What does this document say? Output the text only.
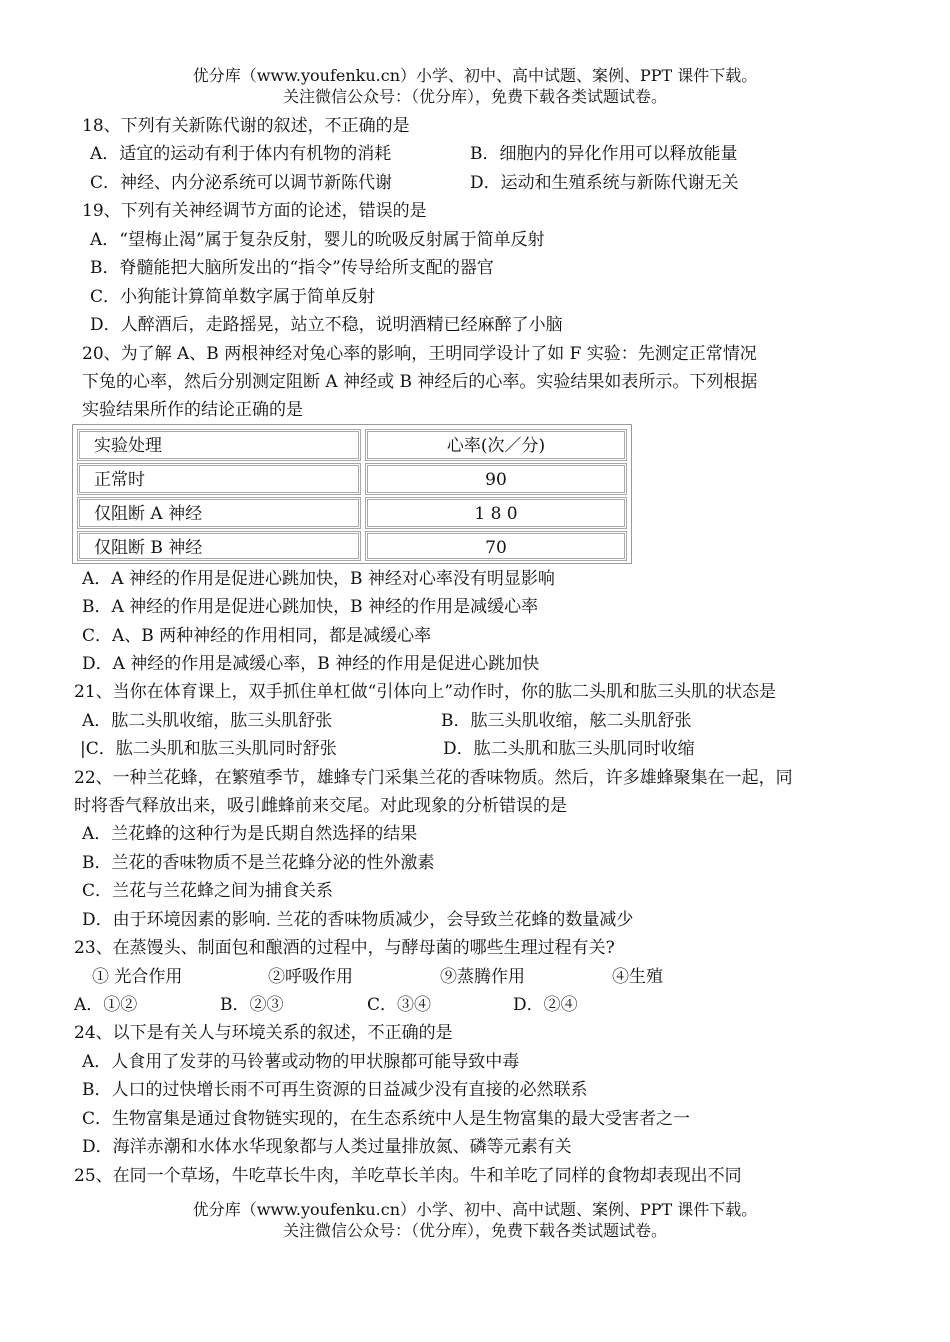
优分库（www.youfenku.cn）小学、初中、高中试题、案例、PPT 课件下载。
关注微信公众号：（优分库），免费下载各类试题试卷。
18、下列有关新陈代谢的叙述，不正确的是
A．适宜的运动有利于体内有机物的消耗	B．细胞内的异化作用可以释放能量
C．神经、内分泌系统可以调节新陈代谢	D．运动和生殖系统与新陈代谢无关
19、下列有关神经调节方面的论述，错误的是
A．“望梅止渴”属于复杂反射，婴儿的吮吸反射属于简单反射
B．脊髓能把大脑所发出的“指令”传导给所支配的器官
C．小狗能计算简单数字属于简单反射
D．人醉酒后，走路摇晃，站立不稳，说明酒精已经麻醉了小脑
20、为了解 A、B 两根神经对兔心率的影响，王明同学设计了如 F 实验：先测定正常情况
下兔的心率，然后分别测定阻断 A 神经或 B 神经后的心率。实验结果如表所示。下列根据
实验结果所作的结论正确的是
实验处理	心率(次／分)
正常时	90
仅阻断 A 神经	1 8 0
仅阻断 B 神经	70
A．A 神经的作用是促进心跳加快，B 神经对心率没有明显影响
B．A 神经的作用是促进心跳加快，B 神经的作用是减缓心率
C．A、B 两种神经的作用相同，都是减缓心率
D．A 神经的作用是减缓心率，B 神经的作用是促进心跳加快
21、当你在体育课上，双手抓住单杠做“引体向上”动作时，你的肱二头肌和肱三头肌的状态是
A．肱二头肌收缩，肱三头肌舒张	B．肱三头肌收缩，舷二头肌舒张
|C．肱二头肌和肱三头肌同时舒张	D．肱二头肌和肱三头肌同时收缩
22、一种兰花蜂，在繁殖季节，雄蜂专门采集兰花的香味物质。然后，许多雄蜂聚集在一起，同
时将香气释放出来，吸引雌蜂前来交尾。对此现象的分析错误的是
A．兰花蜂的这种行为是氏期自然选择的结果
B．兰花的香味物质不是兰花蜂分泌的性外激素
C．兰花与兰花蜂之间为捕食关系
D．由于环境因素的影响. 兰花的香味物质减少，会导致兰花蜂的数量减少
23、在蒸馒头、制面包和酿酒的过程中，与酵母菌的哪些生理过程有关?
① 光合作用	②呼吸作用	⑨蒸腾作用	④生殖
A．①②	B．②③	C．③④	D．②④
24、以下是有关人与环境关系的叙述，不正确的是
A．人食用了发芽的马铃薯或动物的甲状腺都可能导致中毒
B．人口的过快增长雨不可再生资源的日益减少没有直接的必然联系
C．生物富集是通过食物链实现的，在生态系统中人是生物富集的最大受害者之一
D．海洋赤潮和水体水华现象都与人类过量排放氮、磷等元素有关
25、在同一个草场，牛吃草长牛肉，羊吃草长羊肉。牛和羊吃了同样的食物却表现出不同
优分库（www.youfenku.cn）小学、初中、高中试题、案例、PPT 课件下载。
关注微信公众号：（优分库），免费下载各类试题试卷。
